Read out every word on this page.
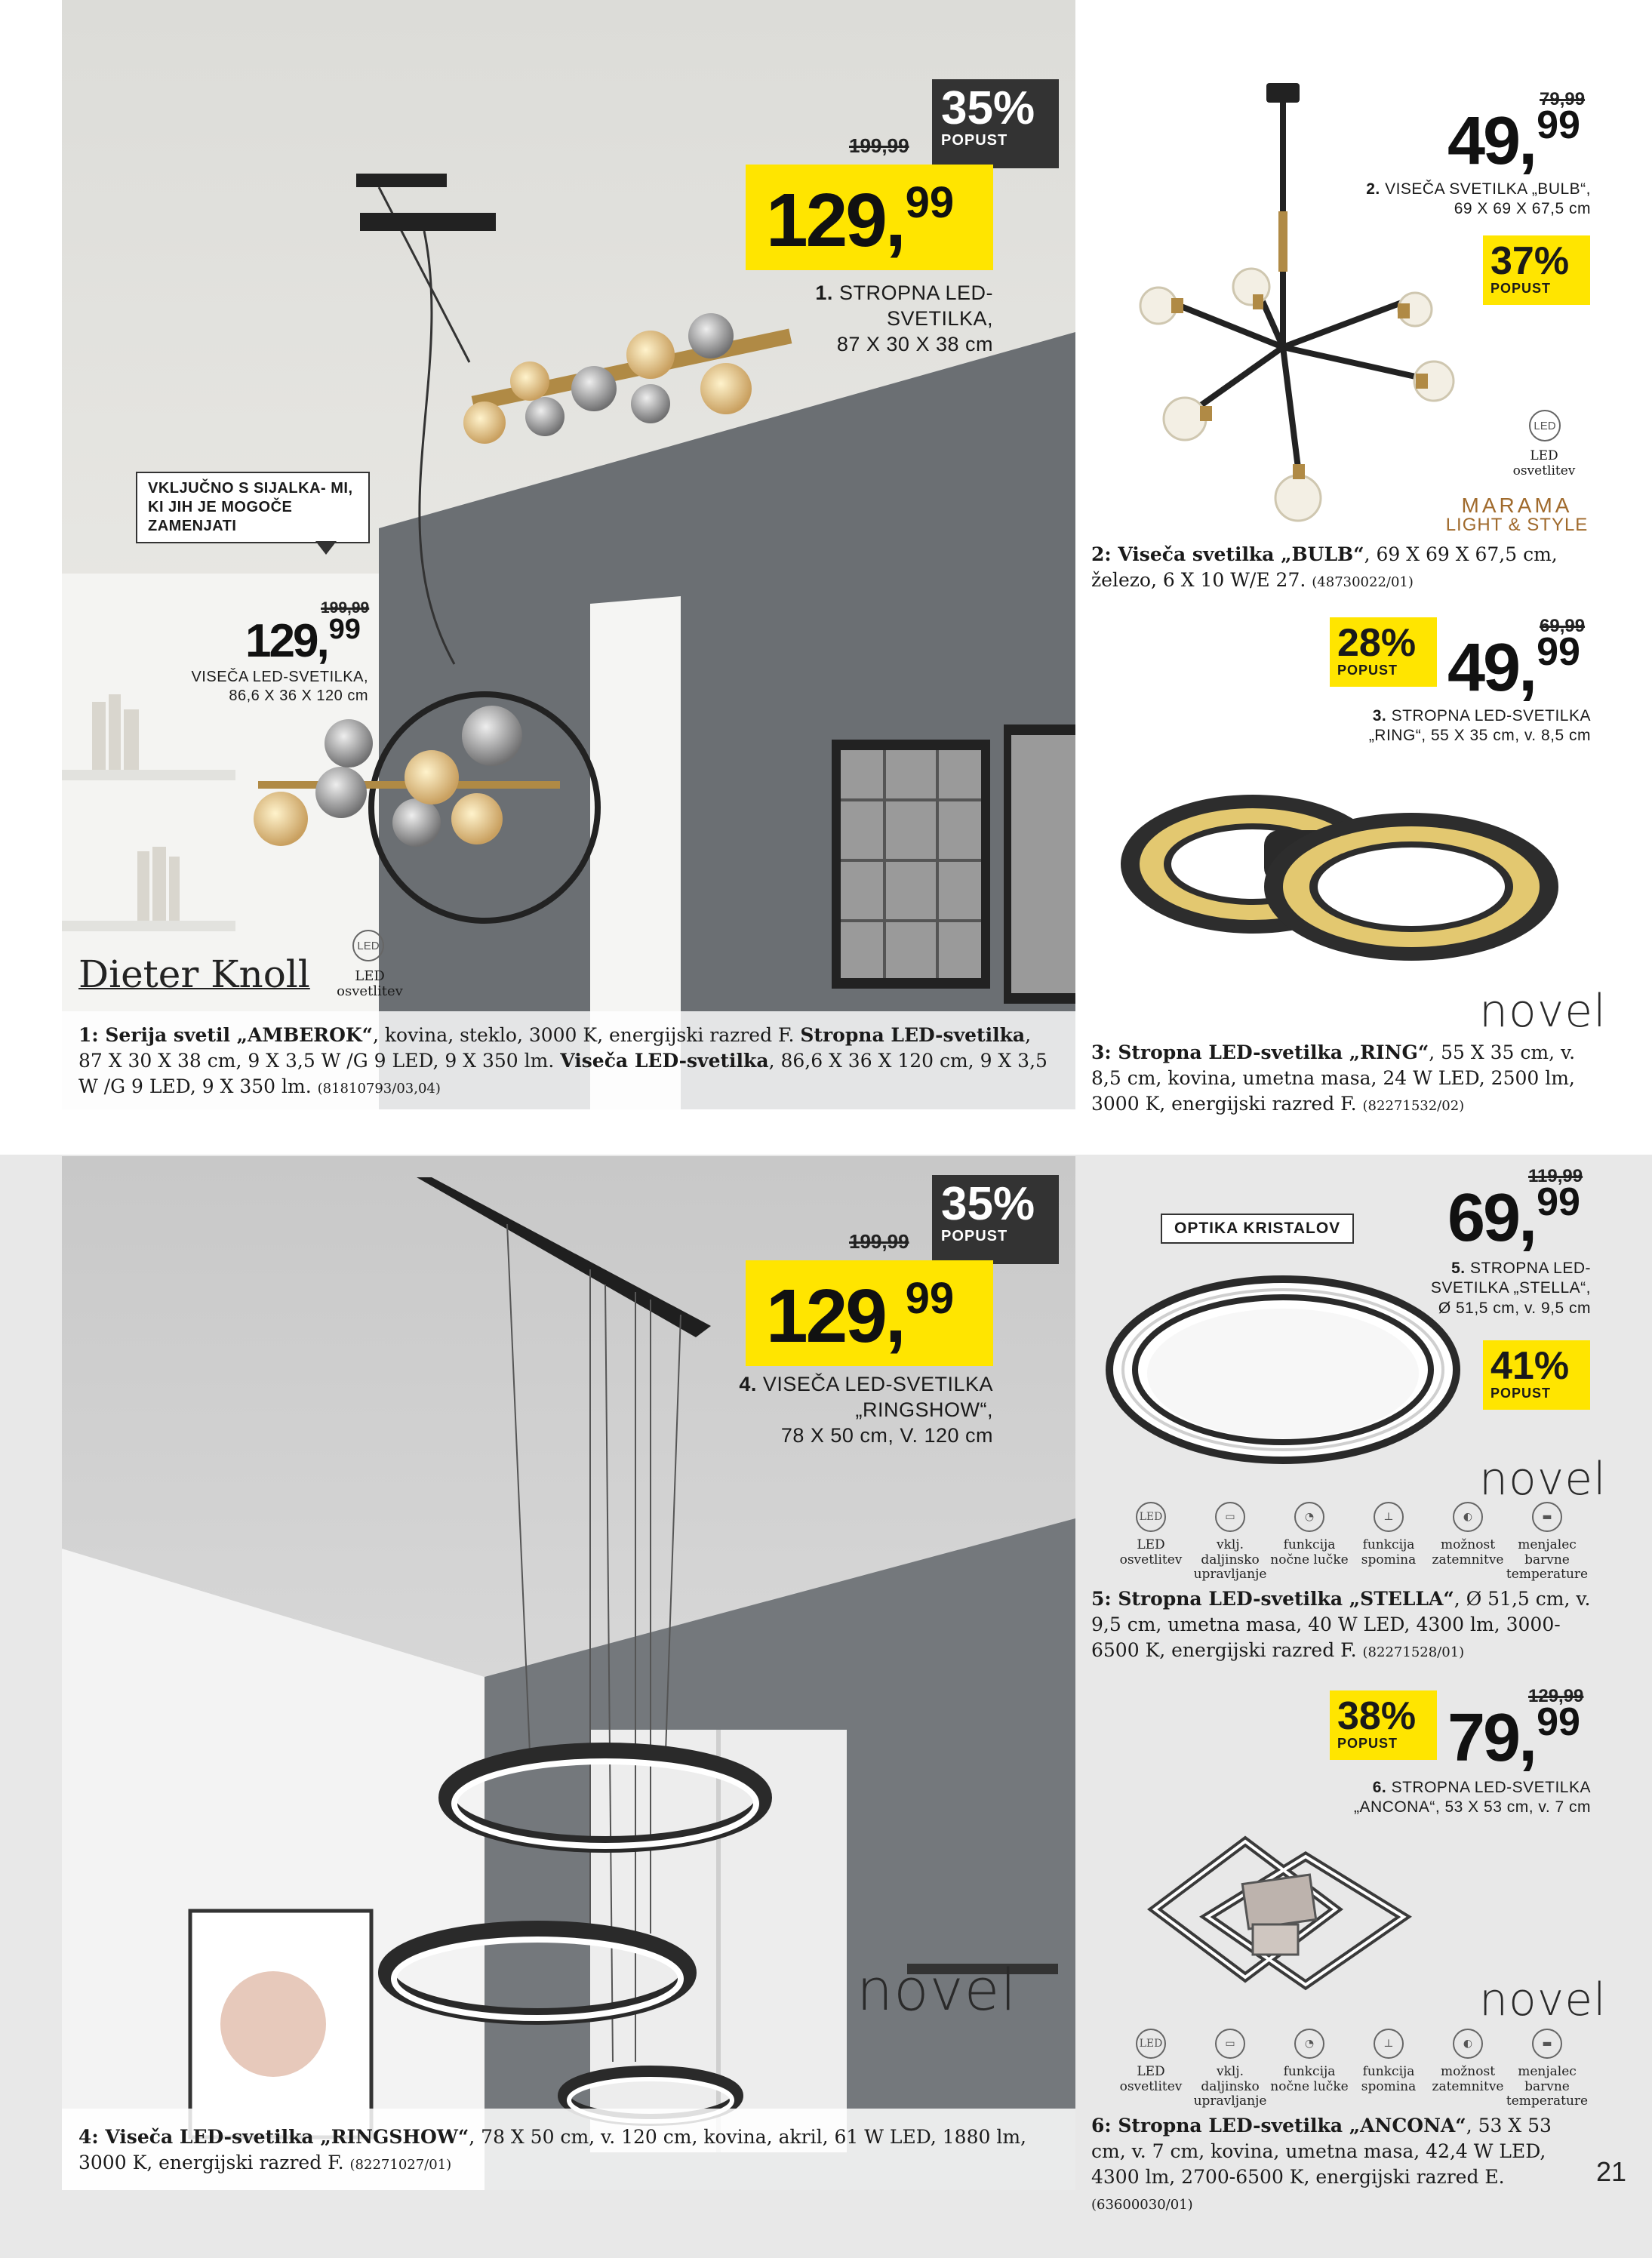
35%
POPUST
199,99
129,99
1. STROPNA LED-SVETILKA,
87 X 30 X 38 cm
VKLJUČNO S SIJALKA- MI, KI JIH JE MOGOČE ZAMENJATI
199,99
129,99
VISEČA LED-SVETILKA,
86,6 X 36 X 120 cm
Dieter Knoll
LED
LED osvetlitev
1: Serija svetil „AMBEROK“, kovina, steklo, 3000 K, energijski razred F. Stropna LED-svetilka, 87 X 30 X 38 cm, 9 X 3,5 W /G 9 LED, 9 X 350 lm. Viseča LED-svetilka, 86,6 X 36 X 120 cm, 9 X 3,5 W /G 9 LED, 9 X 350 lm. (81810793/03,04)
79,99
49,99
2. VISEČA SVETILKA „BULB“,
69 X 69 X 67,5 cm
37%
POPUST
LED
LED osvetlitev
MARAMA
LIGHT & STYLE
2: Viseča svetilka „BULB“, 69 X 69 X 67,5 cm, železo, 6 X 10 W/E 27. (48730022/01)
28%
POPUST
69,99
49,99
3. STROPNA LED-SVETILKA
„RING“, 55 X 35 cm, v. 8,5 cm
novel
3: Stropna LED-svetilka „RING“, 55 X 35 cm, v. 8,5 cm, kovina, umetna masa, 24 W LED, 2500 lm, 3000 K, energijski razred F. (82271532/02)
35%
POPUST
199,99
129,99
4. VISEČA LED-SVETILKA
„RINGSHOW“,
78 X 50 cm, V. 120 cm
novel
4: Viseča LED-svetilka „RINGSHOW“, 78 X 50 cm, v. 120 cm, kovina, akril, 61 W LED, 1880 lm, 3000 K, energijski razred F. (82271027/01)
OPTIKA KRISTALOV
119,99
69,99
5. STROPNA LED-
SVETILKA „STELLA“,
Ø 51,5 cm, v. 9,5 cm
41%
POPUST
novel
LED
LED osvetlitev
▭
vklj. daljinsko upravljanje
◔
funkcija nočne lučke
⊥
funkcija spomina
◐
možnost zatemnitve
▬
menjalec barvne temperature
5: Stropna LED-svetilka „STELLA“, Ø 51,5 cm, v. 9,5 cm, umetna masa, 40 W LED, 4300 lm, 3000-6500 K, energijski razred F. (82271528/01)
38%
POPUST
129,99
79,99
6. STROPNA LED-SVETILKA
„ANCONA“, 53 X 53 cm, v. 7 cm
novel
LED
LED osvetlitev
▭
vklj. daljinsko upravljanje
◔
funkcija nočne lučke
⊥
funkcija spomina
◐
možnost zatemnitve
▬
menjalec barvne temperature
6: Stropna LED-svetilka „ANCONA“, 53 X 53 cm, v. 7 cm, kovina, umetna masa, 42,4 W LED, 4300 lm, 2700-6500 K, energijski razred E. (63600030/01)
21
